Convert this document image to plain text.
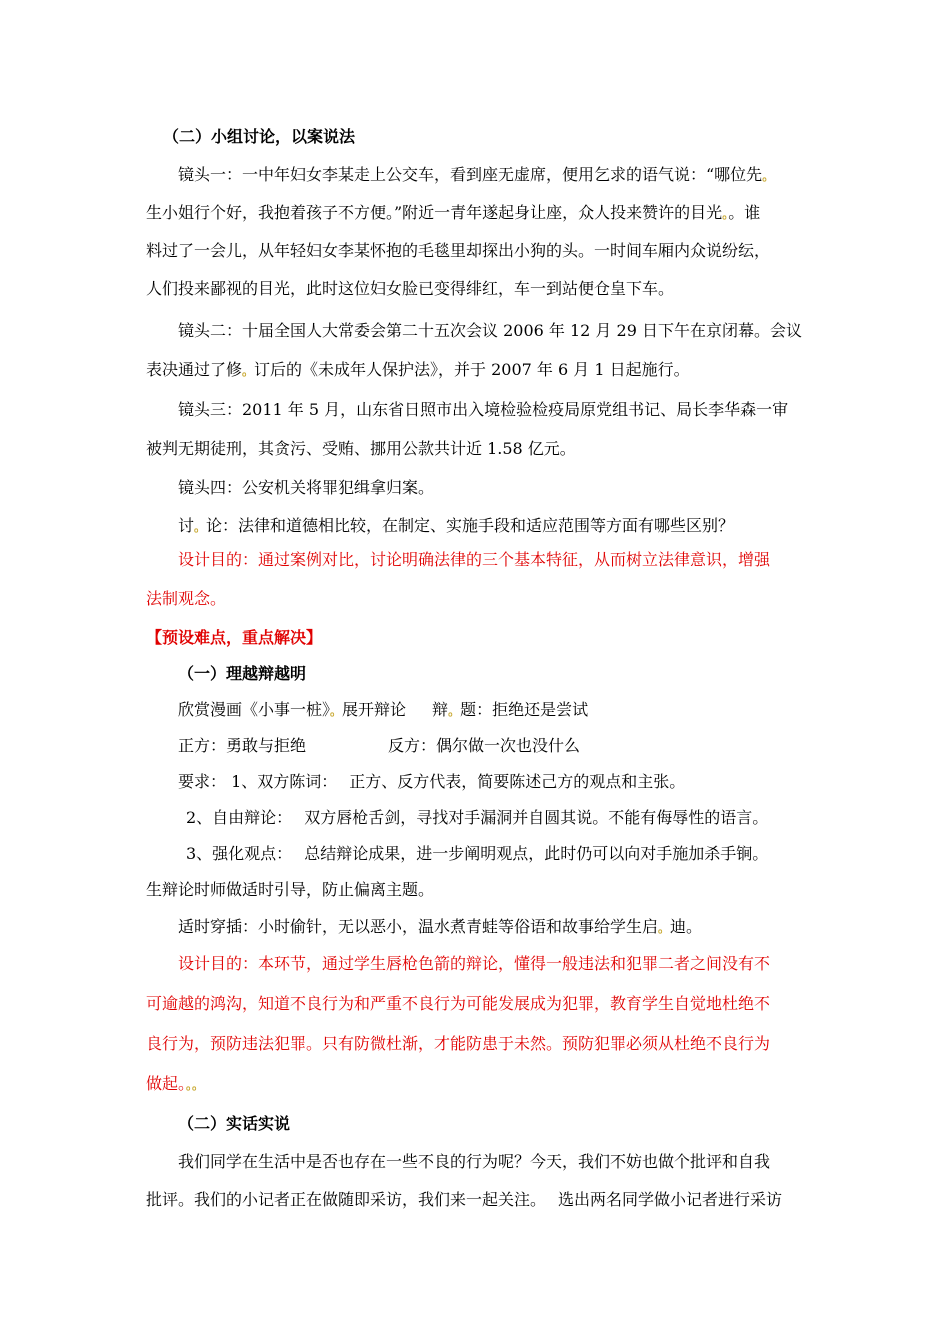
（二）小组讨论，以案说法
镜头一：一中年妇女李某走上公交车，看到座无虚席，便用乞求的语气说：“哪位先。
生小姐行个好，我抱着孩子不方便。”附近一青年遂起身让座，众人投来赞许的目光。。谁
料过了一会儿，从年轻妇女李某怀抱的毛毯里却探出小狗的头。一时间车厢内众说纷纭，
人们投来鄙视的目光，此时这位妇女脸已变得绯红，车一到站便仓皇下车。
镜头二：十届全国人大常委会第二十五次会议 2006 年 12 月 29 日下午在京闭幕。会议
表决通过了修。订后的《未成年人保护法》，并于 2007 年 6 月 1 日起施行。
镜头三：2011 年 5 月，山东省日照市出入境检验检疫局原党组书记、局长李华森一审
被判无期徒刑，其贪污、受贿、挪用公款共计近 1.58 亿元。
镜头四：公安机关将罪犯缉拿归案。
讨。论：法律和道德相比较，在制定、实施手段和适应范围等方面有哪些区别？
设计目的：通过案例对比，讨论明确法律的三个基本特征，从而树立法律意识，增强
法制观念。
【预设难点，重点解决】
（一）理越辩越明
欣赏漫画《小事一桩》。展开辩论 辩。题：拒绝还是尝试
正方：勇敢与拒绝	反方：偶尔做一次也没什么
要求： 1、双方陈词： 正方、反方代表，简要陈述己方的观点和主张。
2、自由辩论： 双方唇枪舌剑，寻找对手漏洞并自圆其说。不能有侮辱性的语言。
3、强化观点： 总结辩论成果，进一步阐明观点，此时仍可以向对手施加杀手锏。
生辩论时师做适时引导，防止偏离主题。
适时穿插：小时偷针，无以恶小，温水煮青蛙等俗语和故事给学生启。迪。
设计目的：本环节，通过学生唇枪色箭的辩论，懂得一般违法和犯罪二者之间没有不
可逾越的鸿沟，知道不良行为和严重不良行为可能发展成为犯罪，教育学生自觉地杜绝不
良行为，预防违法犯罪。只有防微杜渐，才能防患于未然。预防犯罪必须从杜绝不良行为
做起。。。
（二）实话实说
我们同学在生活中是否也存在一些不良的行为呢？今天，我们不妨也做个批评和自我
批评。我们的小记者正在做随即采访，我们来一起关注。 选出两名同学做小记者进行采访
